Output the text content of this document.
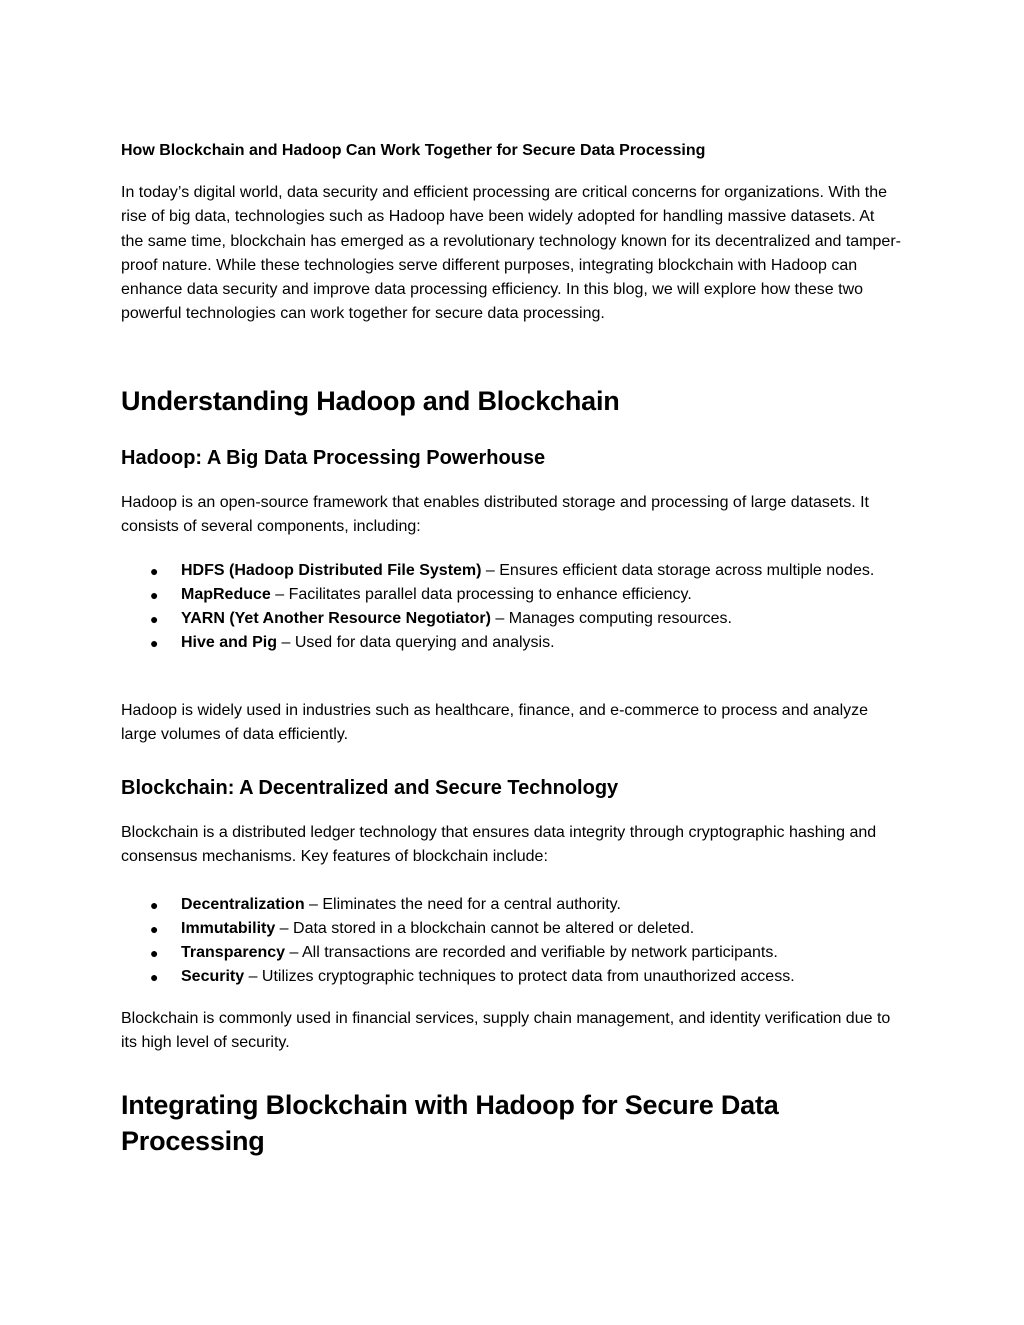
How Blockchain and Hadoop Can Work Together for Secure Data Processing

In today’s digital world, data security and efficient processing are critical concerns for organizations. With the rise of big data, technologies such as Hadoop have been widely adopted for handling massive datasets. At the same time, blockchain has emerged as a revolutionary technology known for its decentralized and tamper-proof nature. While these technologies serve different purposes, integrating blockchain with Hadoop can enhance data security and improve data processing efficiency. In this blog, we will explore how these two powerful technologies can work together for secure data processing.

Understanding Hadoop and Blockchain
Hadoop: A Big Data Processing Powerhouse

Hadoop is an open-source framework that enables distributed storage and processing of large datasets. It consists of several components, including:

● HDFS (Hadoop Distributed File System) – Ensures efficient data storage across multiple nodes.
● MapReduce – Facilitates parallel data processing to enhance efficiency.
● YARN (Yet Another Resource Negotiator) – Manages computing resources.
● Hive and Pig – Used for data querying and analysis.

Hadoop is widely used in industries such as healthcare, finance, and e-commerce to process and analyze large volumes of data efficiently.

Blockchain: A Decentralized and Secure Technology

Blockchain is a distributed ledger technology that ensures data integrity through cryptographic hashing and consensus mechanisms. Key features of blockchain include:

● Decentralization – Eliminates the need for a central authority.
● Immutability – Data stored in a blockchain cannot be altered or deleted.
● Transparency – All transactions are recorded and verifiable by network participants.
● Security – Utilizes cryptographic techniques to protect data from unauthorized access.

Blockchain is commonly used in financial services, supply chain management, and identity verification due to its high level of security.

Integrating Blockchain with Hadoop for Secure Data Processing
